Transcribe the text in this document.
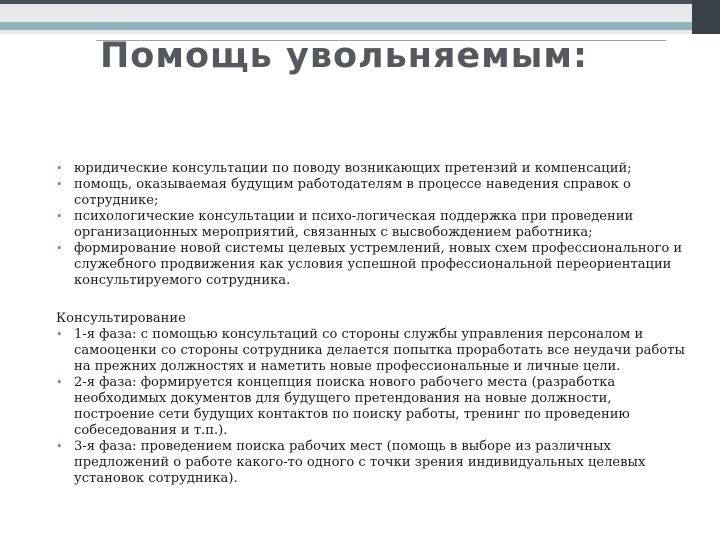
Помощь увольняемым:
• юридические консультации по поводу возникающих претензий и компенсаций;
• помощь, оказываемая будущим работодателям в процессе наведения справок о сотруднике;
• психологические консультации и психо-логическая поддержка при проведении организационных мероприятий, связанных с высвобождением работника;
• формирование новой системы целевых устремлений, новых схем профессионального и служебного продвижения как условия успешной профессиональной переориентации консультируемого сотрудника.

Консультирование

• 1-я фаза: с помощью консультаций со стороны службы управления персоналом и самооценки со стороны сотрудника делается попытка проработать все неудачи работы на прежних должностях и наметить новые профессиональные и личные цели.
• 2-я фаза: формируется концепция поиска нового рабочего места (разработка необходимых документов для будущего претендования на новые должности, построение сети будущих контактов по поиску работы, тренинг по проведению собеседования и т.п.).
• 3-я фаза: проведением поиска рабочих мест (помощь в выборе из различных предложений о работе какого-то одного с точки зрения индивидуальных целевых установок сотрудника).
